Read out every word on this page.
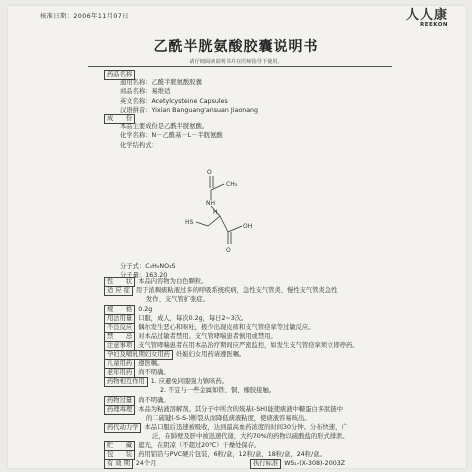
核准日期：2006年11月07日	人人康
REEKON
乙酰半胱氨酸胶囊说明书
请仔细阅读说明书并在医师指导下使用。
药品名称
通用名称：乙酰半胱氨酸胶囊
商品名称：易维适
英文名称：Acetylcysteine Capsules
汉语拼音：Yixian Banguang'ansuan Jiaonang
成　　份
本品主要成份是乙酰半胱氨酸。
化学名称：N－乙酰基－L－半胱氨酸
化学结构式：
O
CH₃
NH
H
HS
OH
O
分子式：C₅H₉NO₃S
分子量：163.20
性　　状 本品内容物为白色颗粒。
适 应 症 用于浓稠痰粘液过多的呼吸系统疾病，急性支气管炎、慢性支气管炎急性
发作、支气管扩张症。
规　　格 0.2g
用法用量 口服，成人，每次0.2g，每日2~3次。
不良反应 偶尔发生恶心和呕吐，极少出现皮疹和支气管痉挛等过敏反应。
禁　　忌 对本品过敏者禁用。支气管哮喘患者慎用或禁用。
注意事项 支气管哮喘患者在用本品治疗期间应严密监控，如发生支气管痉挛须立即停药。
孕妇及哺乳期妇女用药 妊娠妇女用药请遵医嘱。
儿童用药 遵医嘱。
老年用药 尚不明确。
药物相互作用 1. 应避免同服强力镇咳药。
2. 不宜与一些金属如铁、铜、橡胶接触。
药物过量 尚不明确。
药理毒理 本品为粘液溶解剂。其分子中所含的巯基(-SH)能使痰液中糖蛋白多肽链中
的二硫键(-S-S-)断裂从而降低痰液粘度，使痰液容易咳出。
药代动力学 本品口服后迅速被吸收，达到最高血药浓度的时间30分钟。分布快速，广
泛，在肺壁及肝中被迅速代谢，大约70%的药物以硫酸盐的形式排泄。
贮　　藏 遮光，在阴凉（不超过20℃）干燥处保存。
包　　装 药用铝箔与PVC硬片包装，6粒/盒，12粒/盒，18粒/盒，24粒/盒。
有 效 期 24个月	执行标准 WS₁-(X-308)-2003Z
